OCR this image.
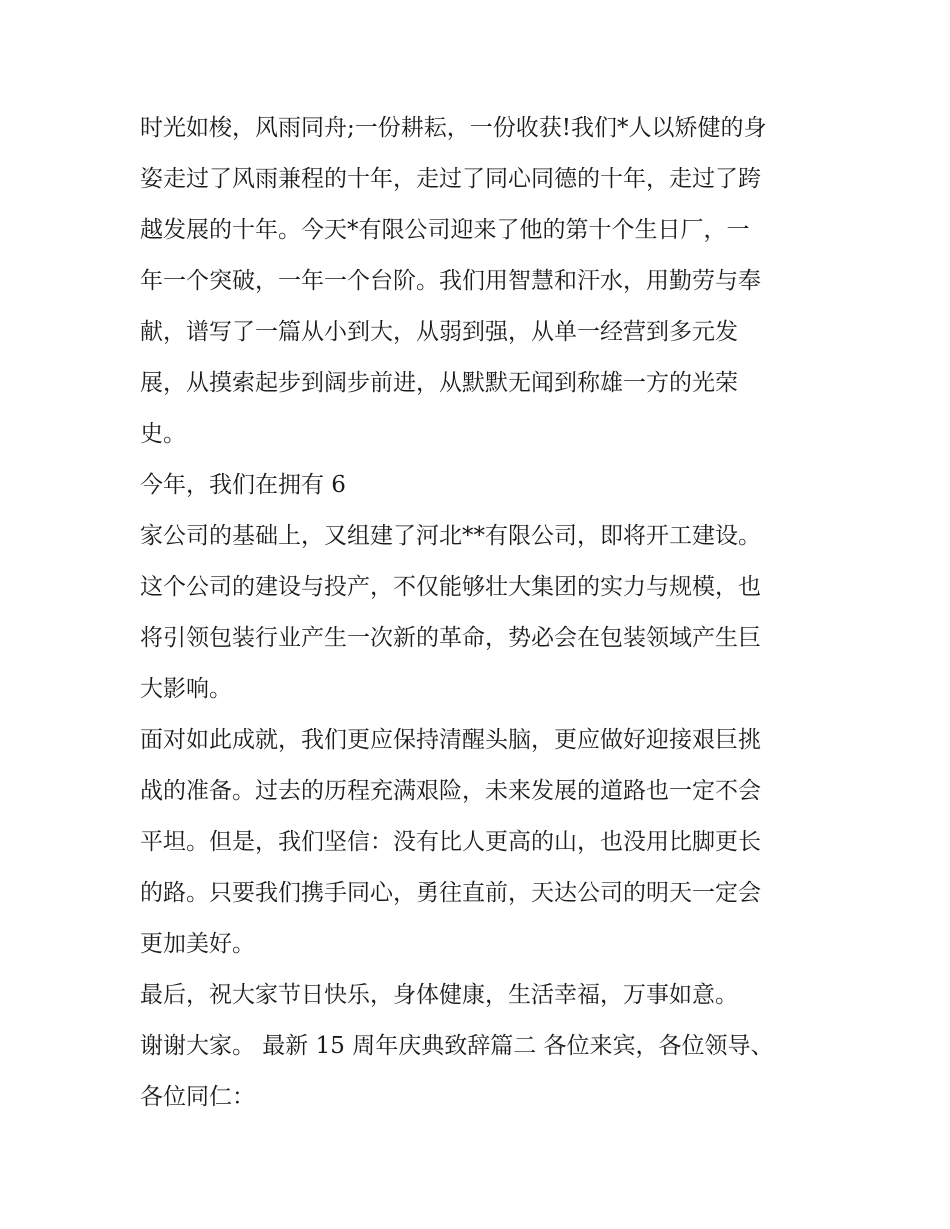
时光如梭，风雨同舟;一份耕耘，一份收获!我们*人以矫健的身
姿走过了风雨兼程的十年，走过了同心同德的十年，走过了跨
越发展的十年。今天*有限公司迎来了他的第十个生日厂，一
年一个突破，一年一个台阶。我们用智慧和汗水，用勤劳与奉
献，谱写了一篇从小到大，从弱到强，从单一经营到多元发
展，从摸索起步到阔步前进，从默默无闻到称雄一方的光荣
史。
今年，我们在拥有 6
家公司的基础上，又组建了河北**有限公司，即将开工建设。
这个公司的建设与投产，不仅能够壮大集团的实力与规模，也
将引领包装行业产生一次新的革命，势必会在包装领域产生巨
大影响。
面对如此成就，我们更应保持清醒头脑，更应做好迎接艰巨挑
战的准备。过去的历程充满艰险，未来发展的道路也一定不会
平坦。但是，我们坚信：没有比人更高的山，也没用比脚更长
的路。只要我们携手同心，勇往直前，天达公司的明天一定会
更加美好。
最后，祝大家节日快乐，身体健康，生活幸福，万事如意。
谢谢大家。 最新 15 周年庆典致辞篇二 各位来宾，各位领导、
各位同仁：
